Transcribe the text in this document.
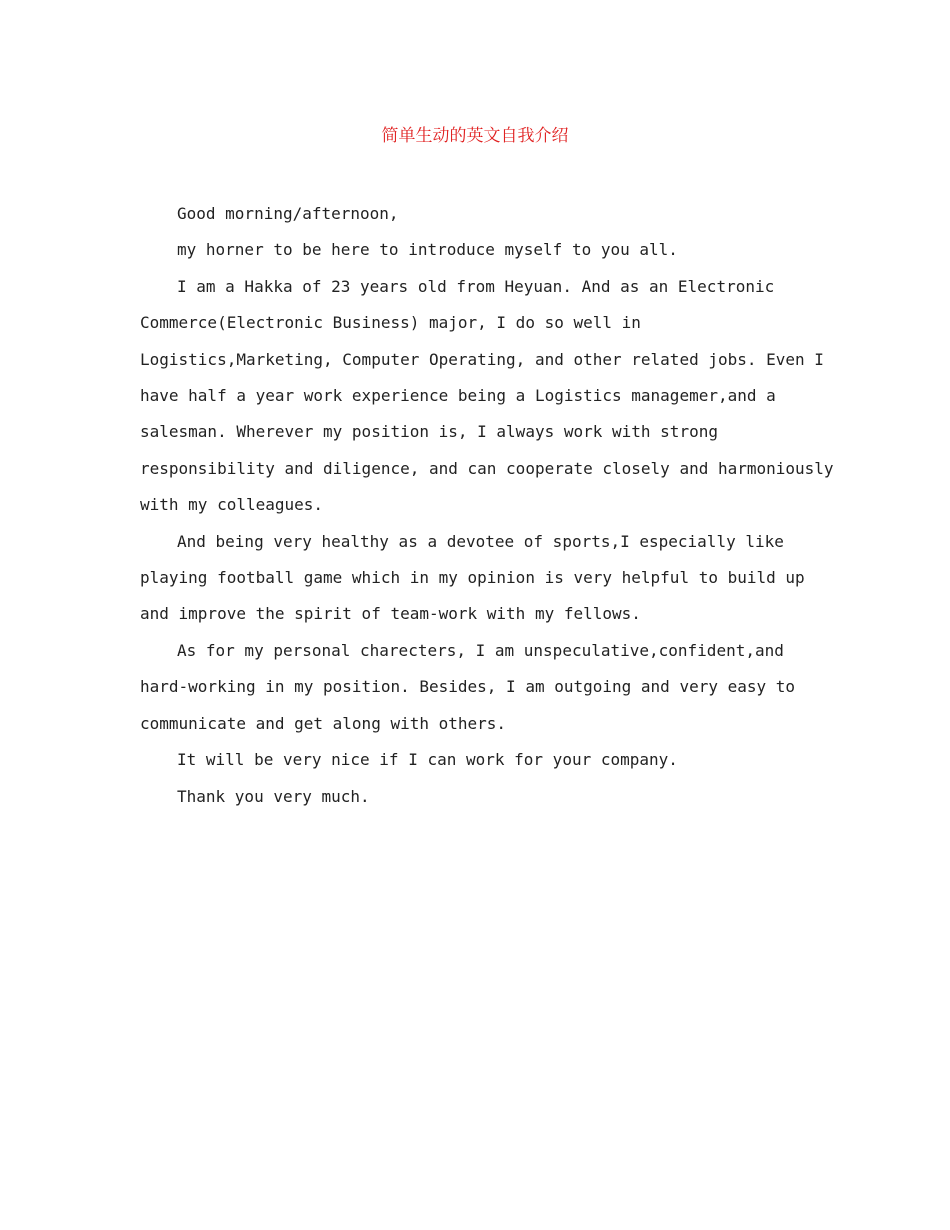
简单生动的英文自我介绍

Good morning/afternoon,

my horner to be here to introduce myself to you all.

I am a Hakka of 23 years old from Heyuan. And as an Electronic

Commerce(Electronic Business) major, I do so well in

Logistics,Marketing, Computer Operating, and other related jobs. Even I

have half a year work experience being a Logistics managemer,and a

salesman. Wherever my position is, I always work with strong

responsibility and diligence, and can cooperate closely and harmoniously

with my colleagues.

And being very healthy as a devotee of sports,I especially like

playing football game which in my opinion is very helpful to build up

and improve the spirit of team-work with my fellows.

As for my personal charecters, I am unspeculative,confident,and

hard-working in my position. Besides, I am outgoing and very easy to

communicate and get along with others.

It will be very nice if I can work for your company.

Thank you very much.
